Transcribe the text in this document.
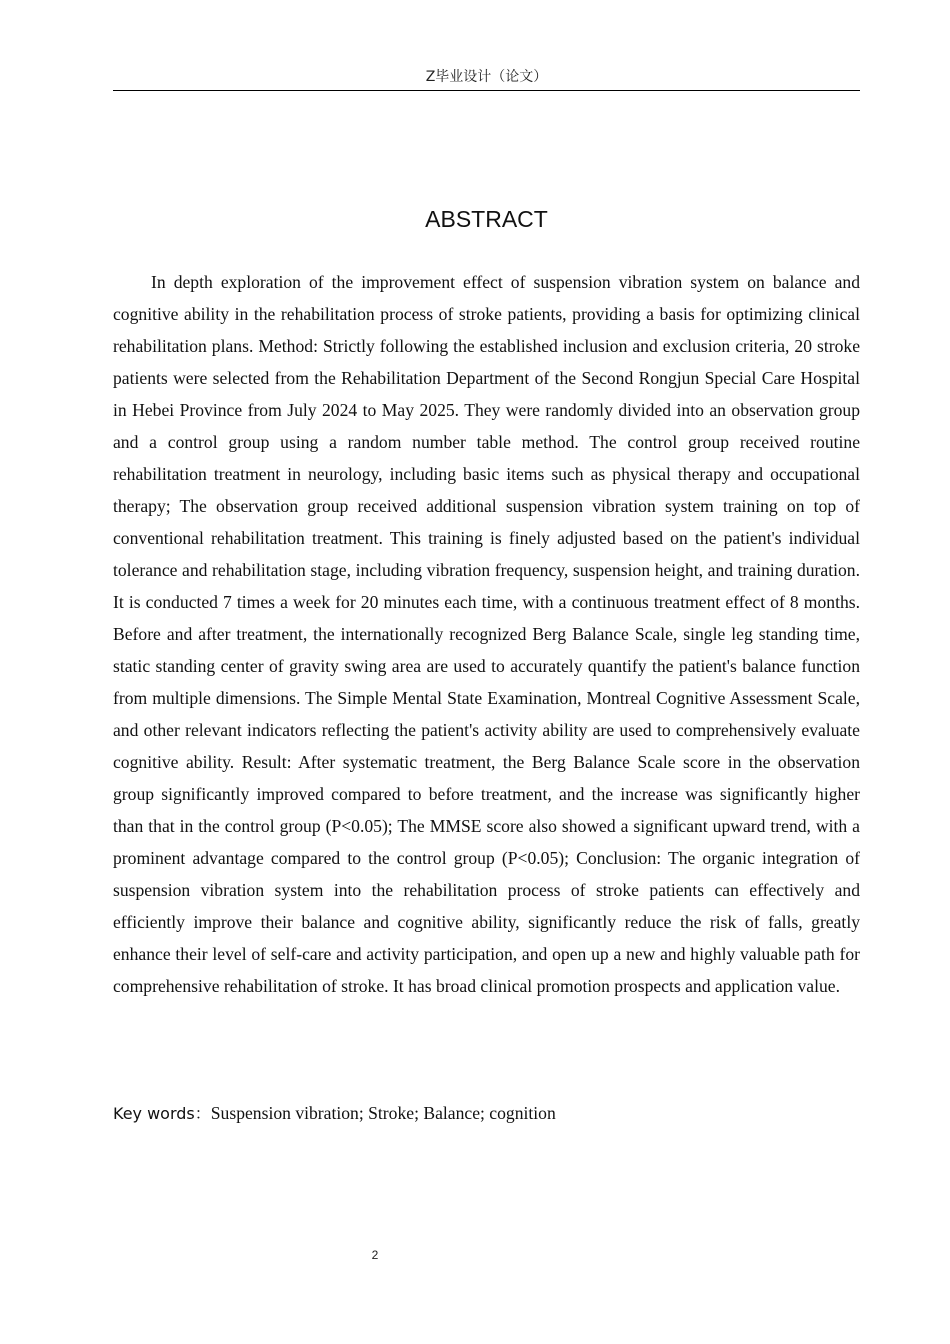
Z毕业设计（论文）
ABSTRACT

In depth exploration of the improvement effect of suspension vibration system on balance and cognitive ability in the rehabilitation process of stroke patients, providing a basis for optimizing clinical rehabilitation plans. Method: Strictly following the established inclusion and exclusion criteria, 20 stroke patients were selected from the Rehabilitation Department of the Second Rongjun Special Care Hospital in Hebei Province from July 2024 to May 2025. They were randomly divided into an observation group and a control group using a random number table method. The control group received routine rehabilitation treatment in neurology, including basic items such as physical therapy and occupational therapy; The observation group received additional suspension vibration system training on top of conventional rehabilitation treatment. This training is finely adjusted based on the patient's individual tolerance and rehabilitation stage, including vibration frequency, suspension height, and training duration. It is conducted 7 times a week for 20 minutes each time, with a continuous treatment effect of 8 months. Before and after treatment, the internationally recognized Berg Balance Scale, single leg standing time, static standing center of gravity swing area are used to accurately quantify the patient's balance function from multiple dimensions. The Simple Mental State Examination, Montreal Cognitive Assessment Scale, and other relevant indicators reflecting the patient's activity ability are used to comprehensively evaluate cognitive ability. Result: After systematic treatment, the Berg Balance Scale score in the observation group significantly improved compared to before treatment, and the increase was significantly higher than that in the control group (P<0.05); The MMSE score also showed a significant upward trend, with a prominent advantage compared to the control group (P<0.05); Conclusion: The organic integration of suspension vibration system into the rehabilitation process of stroke patients can effectively and efficiently improve their balance and cognitive ability, significantly reduce the risk of falls, greatly enhance their level of self-care and activity participation, and open up a new and highly valuable path for comprehensive rehabilitation of stroke. It has broad clinical promotion prospects and application value.

Key words：Suspension vibration; Stroke; Balance; cognition

2
